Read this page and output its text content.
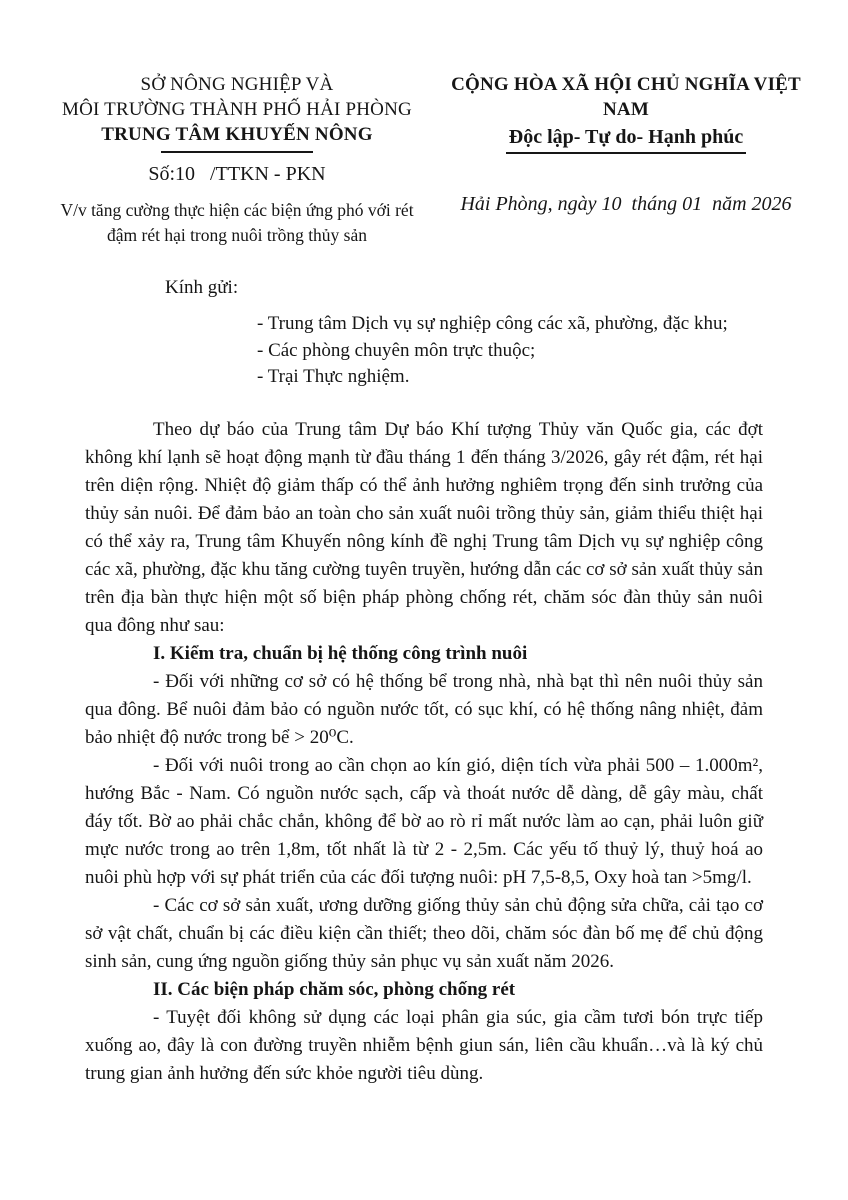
SỞ NÔNG NGHIỆP VÀ
MÔI TRƯỜNG THÀNH PHỐ HẢI PHÒNG
TRUNG TÂM KHUYẾN NÔNG
Số:10   /TTKN - PKN
V/v tăng cường thực hiện các biện ứng phó với rét đậm rét hại trong nuôi trồng thủy sản
CỘNG HÒA XÃ HỘI CHỦ NGHĨA VIỆT NAM
Độc lập- Tự do- Hạnh phúc
Hải Phòng, ngày 10  tháng 01  năm 2026
Kính gửi:
- Trung tâm Dịch vụ sự nghiệp công các xã, phường, đặc khu;
- Các phòng chuyên môn trực thuộc;
- Trại Thực nghiệm.

Theo dự báo của Trung tâm Dự báo Khí tượng Thủy văn Quốc gia, các đợt không khí lạnh sẽ hoạt động mạnh từ đầu tháng 1 đến tháng 3/2026, gây rét đậm, rét hại trên diện rộng. Nhiệt độ giảm thấp có thể ảnh hưởng nghiêm trọng đến sinh trưởng của thủy sản nuôi. Để đảm bảo an toàn cho sản xuất nuôi trồng thủy sản, giảm thiểu thiệt hại có thể xảy ra, Trung tâm Khuyến nông kính đề nghị Trung tâm Dịch vụ sự nghiệp công các xã, phường, đặc khu tăng cường tuyên truyền, hướng dẫn các cơ sở sản xuất thủy sản trên địa bàn thực hiện một số biện pháp phòng chống rét, chăm sóc đàn thủy sản nuôi qua đông như sau:

I. Kiểm tra, chuẩn bị hệ thống công trình nuôi

- Đối với những cơ sở có hệ thống bể trong nhà, nhà bạt thì nên nuôi thủy sản qua đông. Bể nuôi đảm bảo có nguồn nước tốt, có sục khí, có hệ thống nâng nhiệt, đảm bảo nhiệt độ nước trong bể > 20⁰C.

- Đối với nuôi trong ao cần chọn ao kín gió, diện tích vừa phải 500 – 1.000m², hướng Bắc - Nam. Có nguồn nước sạch, cấp và thoát nước dễ dàng, dễ gây màu, chất đáy tốt. Bờ ao phải chắc chắn, không để bờ ao rò rỉ mất nước làm ao cạn, phải luôn giữ mực nước trong ao trên 1,8m, tốt nhất là từ 2 - 2,5m. Các yếu tố thuỷ lý, thuỷ hoá ao nuôi phù hợp với sự phát triển của các đối tượng nuôi: pH 7,5-8,5, Oxy hoà tan >5mg/l.

- Các cơ sở sản xuất, ương dưỡng giống thủy sản chủ động sửa chữa, cải tạo cơ sở vật chất, chuẩn bị các điều kiện cần thiết; theo dõi, chăm sóc đàn bố mẹ để chủ động sinh sản, cung ứng nguồn giống thủy sản phục vụ sản xuất năm 2026.

II. Các biện pháp chăm sóc, phòng chống rét

- Tuyệt đối không sử dụng các loại phân gia súc, gia cầm tươi bón trực tiếp xuống ao, đây là con đường truyền nhiễm bệnh giun sán, liên cầu khuẩn…và là ký chủ trung gian ảnh hưởng đến sức khỏe người tiêu dùng.
